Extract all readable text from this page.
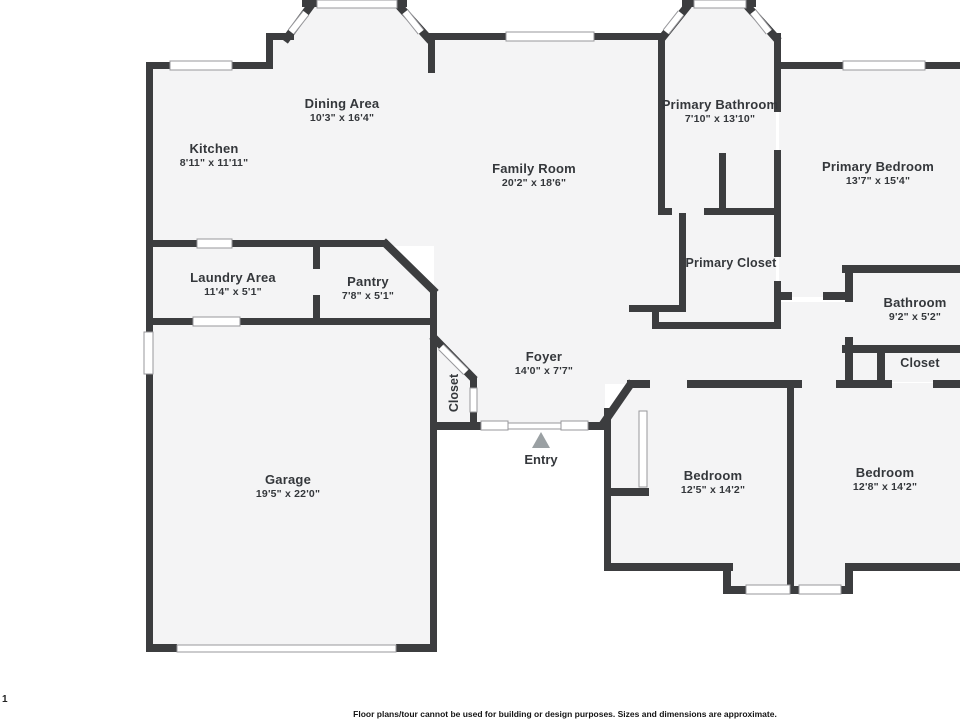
Dining Area
10'3" x 16'4"
Kitchen
8'11" x 11'11"	Family Room
20'2" x 18'6"
Primary Bathroom
7'10" x 13'10"
Primary Bedroom
13'7" x 15'4"
Primary Closet
Laundry Area
11'4" x 5'1"
Pantry
7'8" x 5'1"	Bathroom
9'2" x 5'2"
Closet
Foyer
14'0" x 7'7"
Closet
Entry
Garage
19'5" x 22'0"
Bedroom
12'5" x 14'2"
Bedroom
12'8" x 14'2"
1
Floor plans/tour cannot be used for building or design purposes. Sizes and dimensions are approximate.
